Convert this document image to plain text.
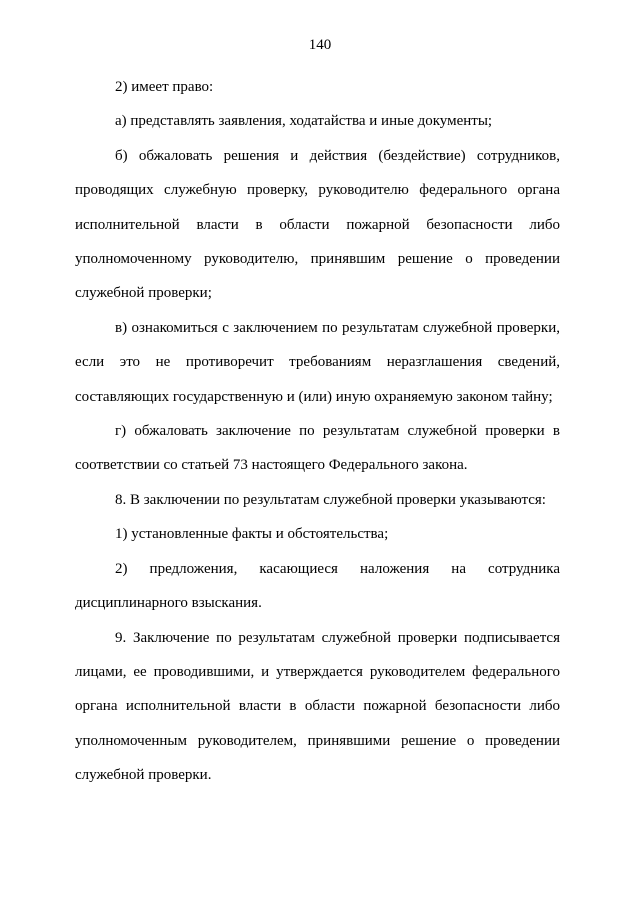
140

2) имеет право:

а) представлять заявления, ходатайства и иные документы;

б) обжаловать решения и действия (бездействие) сотрудников, проводящих служебную проверку, руководителю федерального органа исполнительной власти в области пожарной безопасности либо уполномоченному руководителю, принявшим решение о проведении служебной проверки;

в) ознакомиться с заключением по результатам служебной проверки, если это не противоречит требованиям неразглашения сведений, составляющих государственную и (или) иную охраняемую законом тайну;

г) обжаловать заключение по результатам служебной проверки в соответствии со статьей 73 настоящего Федерального закона.

8. В заключении по результатам служебной проверки указываются:

1) установленные факты и обстоятельства;

2) предложения, касающиеся наложения на сотрудника дисциплинарного взыскания.

9. Заключение по результатам служебной проверки подписывается лицами, ее проводившими, и утверждается руководителем федерального органа исполнительной власти в области пожарной безопасности либо уполномоченным руководителем, принявшими решение о проведении служебной проверки.
